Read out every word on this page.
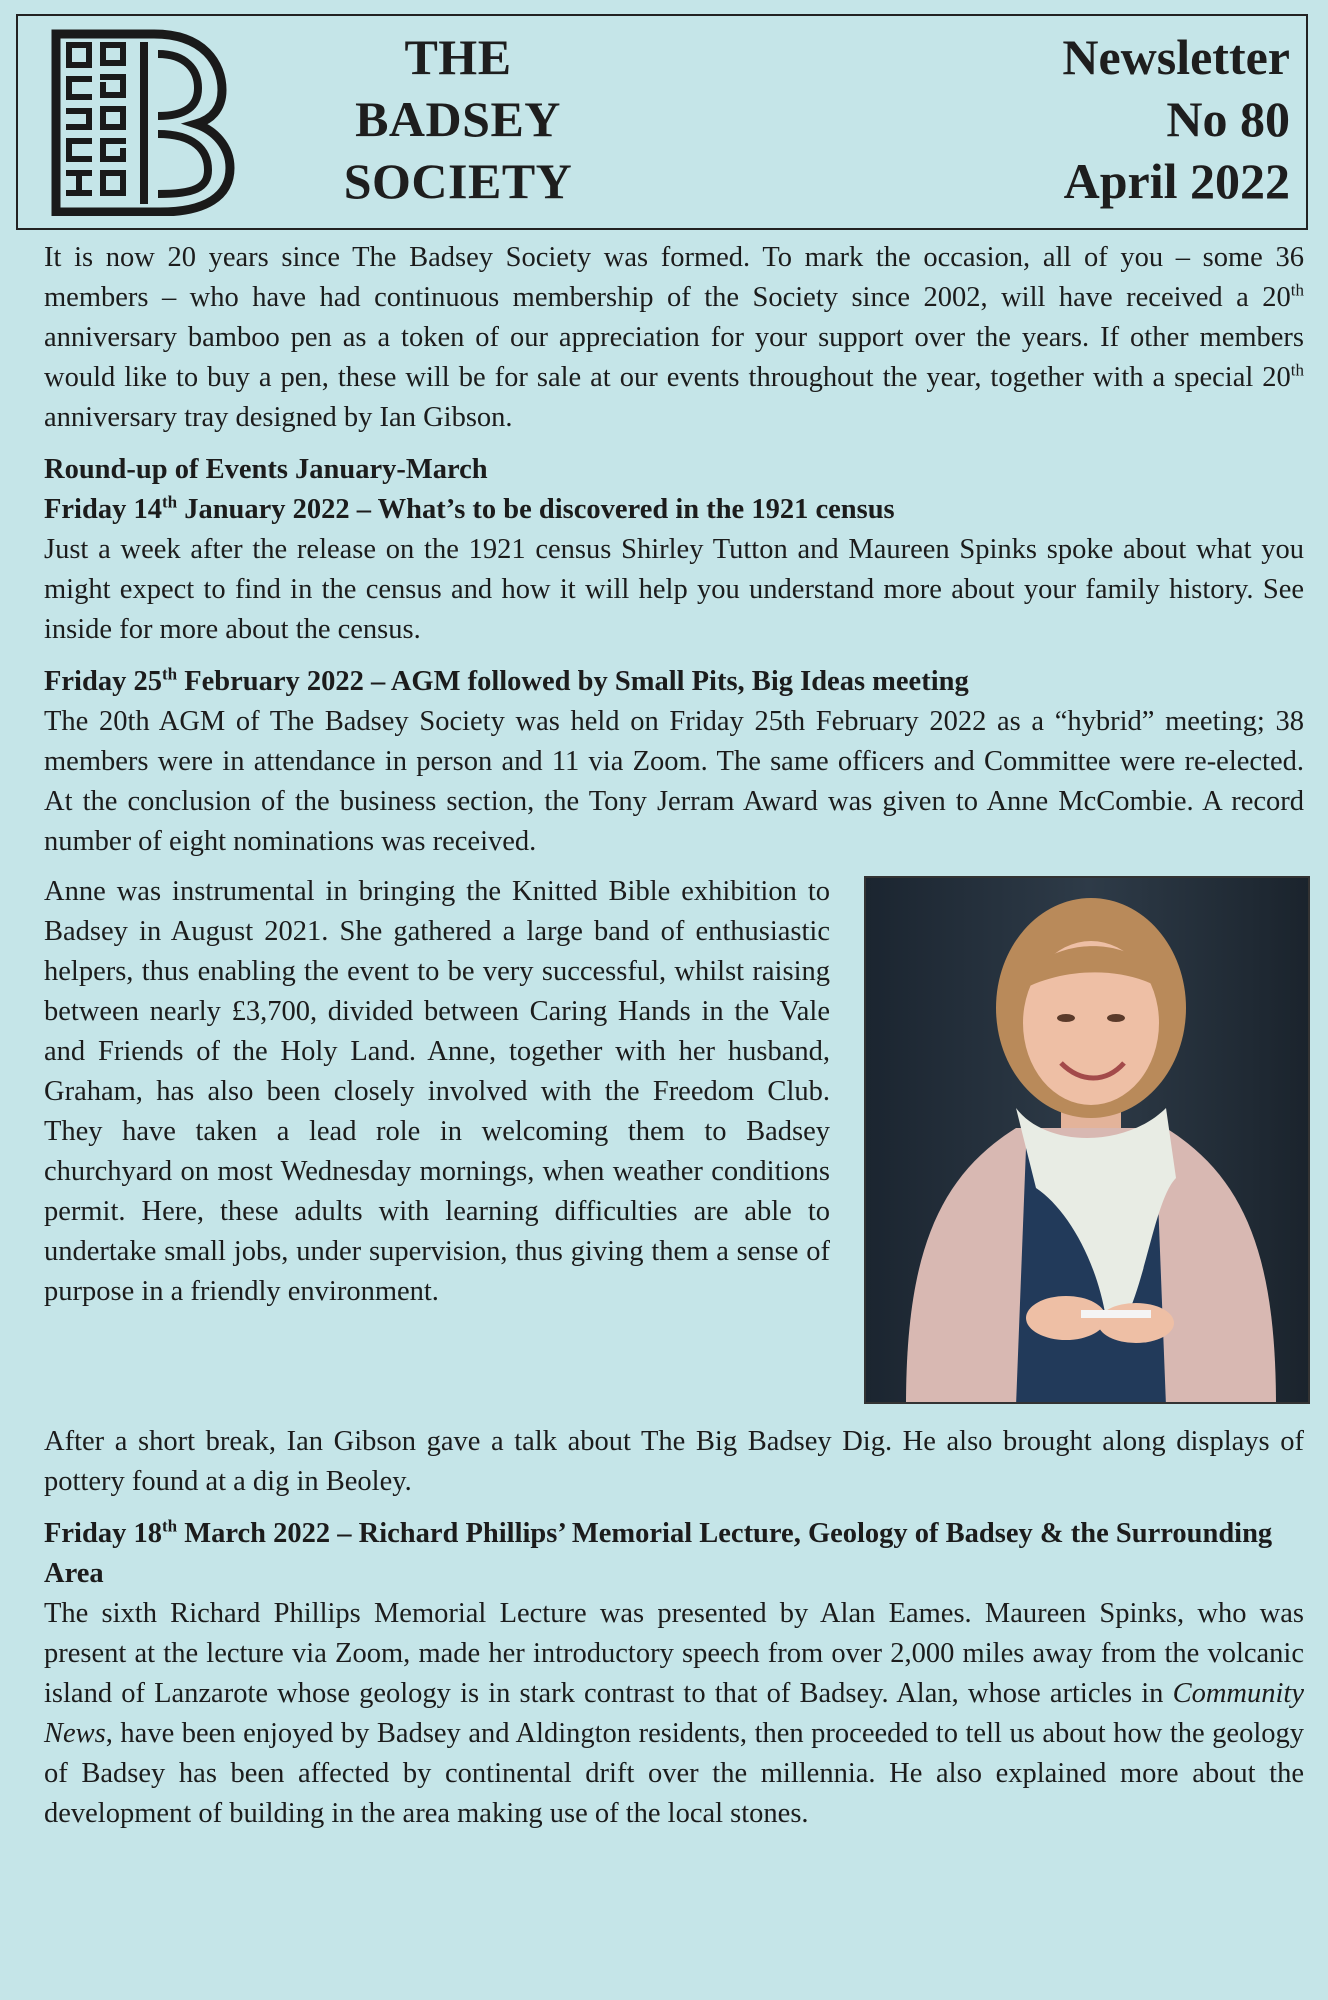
THE
BADSEY
SOCIETY
Newsletter
No 80
April 2022

It is now 20 years since The Badsey Society was formed. To mark the occasion, all of you – some 36 members – who have had continuous membership of the Society since 2002, will have received a 20th anniversary bamboo pen as a token of our appreciation for your support over the years. If other members would like to buy a pen, these will be for sale at our events throughout the year, together with a special 20th anniversary tray designed by Ian Gibson.

Round-up of Events January-March
Friday 14th January 2022 – What’s to be discovered in the 1921 census

Just a week after the release on the 1921 census Shirley Tutton and Maureen Spinks spoke about what you might expect to find in the census and how it will help you understand more about your family history. See inside for more about the census.

Friday 25th February 2022 – AGM followed by Small Pits, Big Ideas meeting

The 20th AGM of The Badsey Society was held on Friday 25th February 2022 as a “hybrid” meeting; 38 members were in attendance in person and 11 via Zoom. The same officers and Committee were re-elected. At the conclusion of the business section, the Tony Jerram Award was given to Anne McCombie. A record number of eight nominations was received.

Anne was instrumental in bringing the Knitted Bible exhibition to Badsey in August 2021. She gathered a large band of enthusiastic helpers, thus enabling the event to be very successful, whilst raising between nearly £3,700, divided between Caring Hands in the Vale and Friends of the Holy Land. Anne, together with her husband, Graham, has also been closely involved with the Freedom Club. They have taken a lead role in welcoming them to Badsey churchyard on most Wednesday mornings, when weather conditions permit. Here, these adults with learning difficulties are able to undertake small jobs, under supervision, thus giving them a sense of purpose in a friendly environment.

After a short break, Ian Gibson gave a talk about The Big Badsey Dig. He also brought along displays of pottery found at a dig in Beoley.

Friday 18th March 2022 – Richard Phillips’ Memorial Lecture, Geology of Badsey & the Surrounding Area

The sixth Richard Phillips Memorial Lecture was presented by Alan Eames. Maureen Spinks, who was present at the lecture via Zoom, made her introductory speech from over 2,000 miles away from the volcanic island of Lanzarote whose geology is in stark contrast to that of Badsey. Alan, whose articles in Community News, have been enjoyed by Badsey and Aldington residents, then proceeded to tell us about how the geology of Badsey has been affected by continental drift over the millennia. He also explained more about the development of building in the area making use of the local stones.
